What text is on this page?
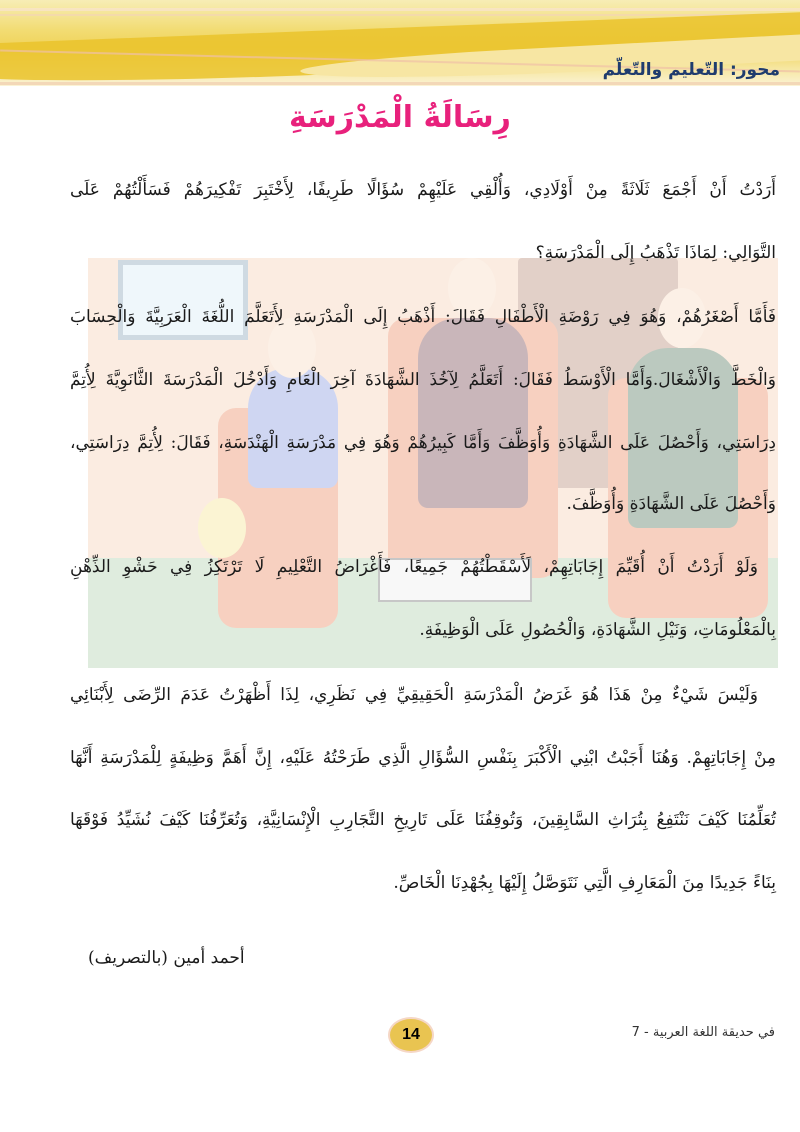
محور: التّعليم والتّعلّم
رِسَالَةُ الْمَدْرَسَةِ
أَرَدْتُ أَنْ أَجْمَعَ ثَلَاثَةً مِنْ أَوْلَادِي، وَأُلْقِي عَلَيْهِمْ سُؤَالًا طَرِيفًا، لِأَخْتَبِرَ تَفْكِيرَهُمْ فَسَأَلْتُهُمْ عَلَى
التَّوَالِي: لِمَاذَا تَذْهَبُ إِلَى الْمَدْرَسَةِ؟
فَأَمَّا أَصْغَرُهُمْ، وَهُوَ فِي رَوْضَةِ الْأَطْفَالِ فَقَالَ: أَذْهَبُ إِلَى الْمَدْرَسَةِ لِأَتَعَلَّمَ اللُّغَةَ الْعَرَبِيَّةَ وَالْحِسَابَ
وَالْخَطَّ وَالْأَشْغَالَ.وَأَمَّا الْأَوْسَطُ فَقَالَ: أَتَعَلَّمُ لِآخُذَ الشَّهَادَةَ آخِرَ الْعَامِ وَأَدْخُلَ الْمَدْرَسَةَ الثَّانَوِيَّةَ لِأُتِمَّ
دِرَاسَتِي، وَأَحْصُلَ عَلَى الشَّهَادَةِ وَأُوَظَّفَ وَأَمَّا كَبِيرُهُمْ وَهُوَ فِي مَدْرَسَةِ الْهَنْدَسَةِ، فَقَالَ: لِأُتِمَّ دِرَاسَتِي،
وَأَحْصُلَ عَلَى الشَّهَادَةِ وَأُوَظَّفَ.
وَلَوْ أَرَدْتُ أَنْ أُقَيِّمَ إِجَابَاتِهِمْ، لَأَسْقَطْتُهُمْ جَمِيعًا، فَأَغْرَاضُ التَّعْلِيمِ لَا تَرْتَكِزُ فِي حَشْوِ الذِّهْنِ
بِالْمَعْلُومَاتِ، وَنَيْلِ الشَّهَادَةِ، وَالْحُصُولِ عَلَى الْوَظِيفَةِ.
وَلَيْسَ شَيْءٌ مِنْ هَذَا هُوَ غَرَضُ الْمَدْرَسَةِ الْحَقِيقِيِّ فِي نَظَرِي، لِذَا أَظْهَرْتُ عَدَمَ الرِّضَى لِأَبْنَائِي
مِنْ إِجَابَاتِهِمْ. وَهُنَا أَجَبْتُ ابْنِي الْأَكْبَرَ بِنَفْسِ السُّؤَالِ الَّذِي طَرَحْتُهُ عَلَيْهِ، إِنَّ أَهَمَّ وَظِيفَةٍ لِلْمَدْرَسَةِ أَنَّهَا
تُعَلِّمُنَا كَيْفَ نَنْتَفِعُ بِتُرَاثِ السَّابِقِينَ، وَتُوقِفُنَا عَلَى تَارِيخِ التَّجَارِبِ الْإِنْسَانِيَّةِ، وَتُعَرِّفُنَا كَيْفَ نُشَيِّدُ فَوْقَهَا
بِنَاءً جَدِيدًا مِنَ الْمَعَارِفِ الَّتِي نَتَوَصَّلُ إِلَيْهَا بِجُهْدِنَا الْخَاصِّ.
أحمد أمين (بالتصريف)
14	في حديقة اللغة العربية - 7
